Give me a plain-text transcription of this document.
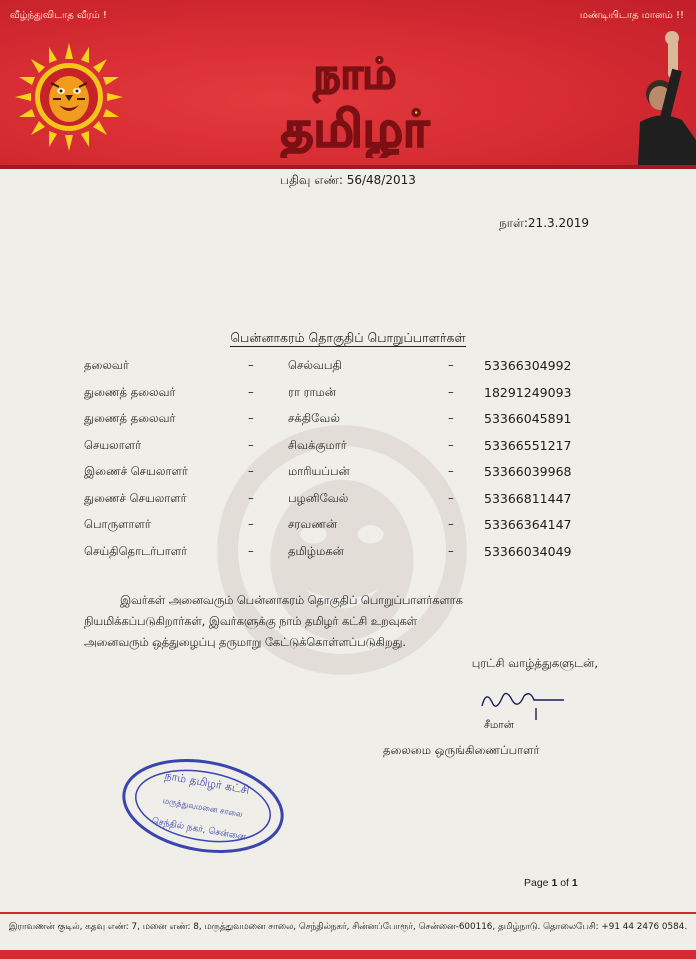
வீழ்ந்துவிடாத வீரம் !	மண்டியிடாத மானம் !!
நாம்
தமிழர்
பதிவு எண்: 56/48/2013
நாள்:21.3.2019
பென்னாகரம் தொகுதிப் பொறுப்பாளர்கள்
தலைவர்	–	செல்வபதி	– 53366304992
துணைத் தலைவர்	–	ரா ராமன்	– 18291249093
துணைத் தலைவர்	–	சக்திவேல்	– 53366045891
செயலாளர்	–	சிவக்குமார்	– 53366551217
இணைச் செயலாளர்	–	மாரியப்பன்	– 53366039968
துணைச் செயலாளர்	–	பழனிவேல்	– 53366811447
பொருளாளர்	–	சரவணன்	– 53366364147
செய்திதொடர்பாளர்	–	தமிழ்மகன்	– 53366034049
இவர்கள் அனைவரும் பென்னாகரம் தொகுதிப் பொறுப்பாளர்களாக
நியமிக்கப்படுகிறார்கள், இவர்களுக்கு நாம் தமிழர் கட்சி உறவுகள்
அனைவரும் ஒத்துழைப்பு தருமாறு கேட்டுக்கொள்ளப்படுகிறது.
புரட்சி வாழ்த்துகளுடன்,
சீமான்
தலைமை ஒருங்கிணைப்பாளர்
நாம் தமிழர் கட்சி
மருத்துவமனை சாலை
செந்தில் நகர், சென்னை
Page 1 of 1
இராவணன் குடில், கதவு எண்: 7, மனை எண்: 8, மருத்துவமனை சாலை, செந்தில்நகர், சின்னப்போரூர், சென்னை-600116, தமிழ்நாடு. தொலைபேசி: +91 44 2476 0584.
